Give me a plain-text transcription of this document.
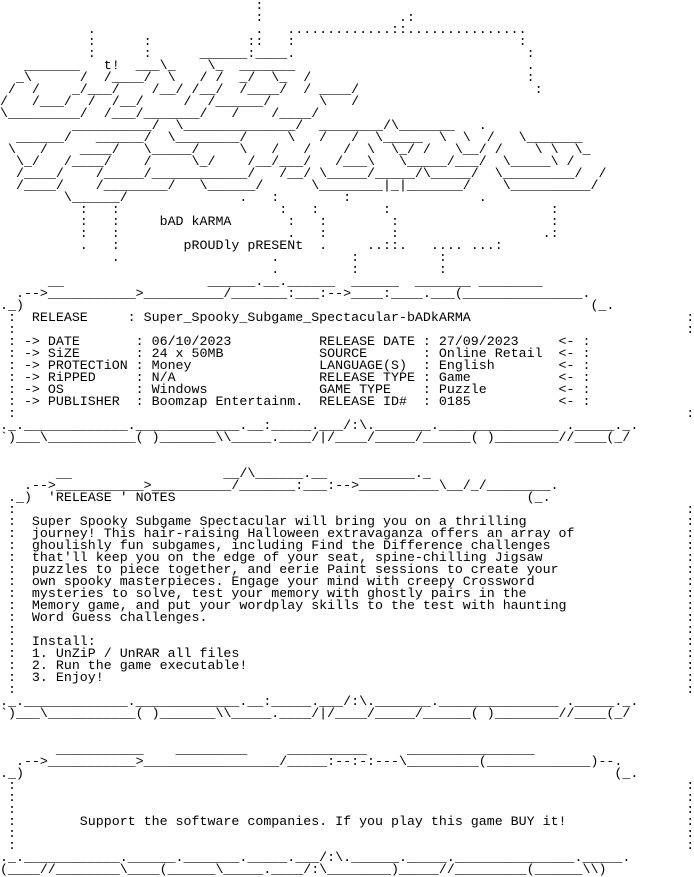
:
:                 .:
.                    .   .............::...............
:      :            ::   :                            :
:      :      ______:____.                             :
_______   t!  ___\_    \_  _______                             .
_\      /  /____/  \   / /  _/  \_  /                           :
/  /    _/___/    /__/ /__/  /____/  / ____/                      :
/   /___/  /  /__/     /  /______/      \   /
\_________/  /___/_______/   /    /____/
__________/  \______________/  ________/\_______   .
______/   ______/  \________/     \   /   /  \_____  \  \  /   \_______
\   /    ____/   \_____/     \   /   /    /  \  \_/ /   \__/ /    \ \  \_
\_/   /____/    /     \_/    /__/___/   /___\   \_____/___/  \_____\ /
/____/    /_____/____________/   /__/ \_____/_____/\_____/  \_________/  /
/____/    /________/   \______/      \________|_|_______/    \__________/
\______/              .   :        :                .
:   :                    :   :        :                    :
:   :     bAD kARMA       :   :        :                   :
:   :                     .   :        :                  .:
.   :        pROUDly pRESENt  .     ..::.   .... ...:
.                   .         :          :
.         :          :
__                  ______.__.______  ______  _______ ________
.-->___________>__________/_______:___:-->____:____.___(_______________.
._)                                                                       (_.
:  RELEASE     : Super_Spooky_Subgame_Spectacular-bADkARMA                           :
:                                                                                    :
: -> DATE       : 06/10/2023           RELEASE DATE : 27/09/2023     <- :
: -> SiZE       : 24 x 50MB            SOURCE       : Online Retail  <- :
: -> PROTECTiON : Money                LANGUAGE(S)  : English        <- :
: -> RiPPED     : N/A                  RELEASE TYPE : Game           <- :
: -> OS         : Windows              GAME TYPE    : Puzzle         <- :
: -> PUBLISHER  : Boomzap Entertainm.  RELEASE ID#  : 0185           <- :
:                                                                                    :
._._____________._____________.__:_____.___/:\._______._______________ ._____._.
`)___\___________( )_______\\_____.____/|/____/_____/______( )________//____(_/
__                   __/\______.__    _______._
.-->___________>__________/_______:___:-->__________\__/_/________.
._)  'RELEASE ' NOTES                                            (_.
:                                                                                    :
:  Super Spooky Subgame Spectacular will bring you on a thrilling                    :
:  journey! This hair-raising Halloween extravaganza offers an array of              :
:  ghoulishly fun subgames, including Find the Difference challenges                 :
:  that'll keep you on the edge of your seat, spine-chilling Jigsaw                  :
:  puzzles to piece together, and eerie Paint sessions to create your                :
:  own spooky masterpieces. Engage your mind with creepy Crossword                   :
:  mysteries to solve, test your memory with ghostly pairs in the                    :
:  Memory game, and put your wordplay skills to the test with haunting               :
:  Word Guess challenges.                                                            :
:                                                                                    :
:  Install:                                                                          :
:  1. UnZiP / UnRAR all files                                                        :
:  2. Run the game executable!                                                       :
:  3. Enjoy!                                                                         :
:                                                                                    :
._._____________._____________.__:_____.___/:\._______._______________ ._____._.
`)___\___________( )_______\\_____.____/|/____/_____/______( )________//____(_/
___________    _________     __________     ________________
.-->___________>_________________/_____:--:-:---\_________(_____________)--.
._)                                                                          (_.
:                                                                                    :
:                                                                                    :
:                                                                                    :
:        Support the software companies. If you play this game BUY it!               :
:                                                                                    :
:                                                                                    :
._.____________.______._______._____.___/:\.______._____._______________._____.
(____//________\____(______\_____.____/:\________)_____//_________(______\\)
